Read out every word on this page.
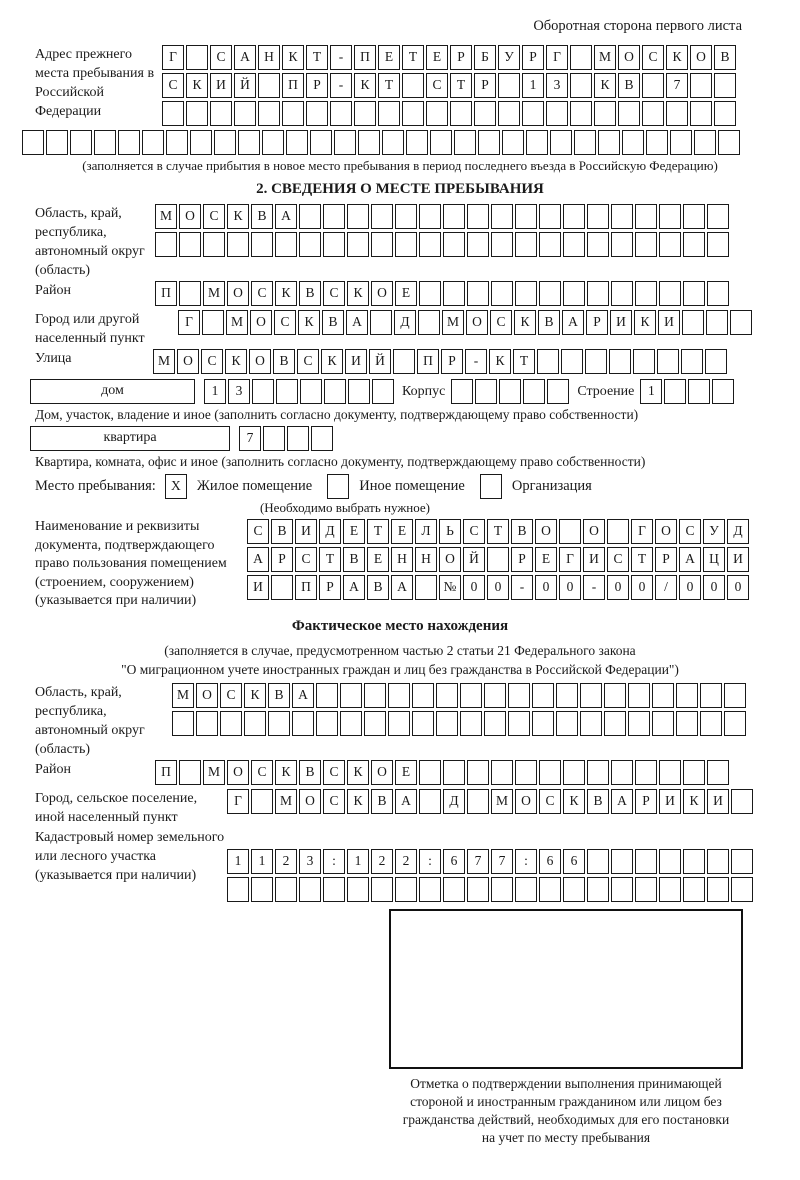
Оборотная сторона первого листа
Адрес прежнего места пребывания в Российской Федерации
Г	С А Н К Т - П Е Т Е Р Б У Р Г	М О С К О В
С К И Й	П Р - К Т	С Т Р	1 3	К В	7
(заполняется в случае прибытия в новое место пребывания в период последнего въезда в Российскую Федерацию)
2. СВЕДЕНИЯ О МЕСТЕ ПРЕБЫВАНИЯ
Область, край, республика, автономный округ (область)
М О С К В А
Район	П	М О С К В С К О Е
Город или другой населенный пункт
Г	М О С К В А	Д	М О С К В А Р И К И
Улица	М О С К О В С К И Й	П Р - К Т
дом	1 3	Корпус	Строение 1
Дом, участок, владение и иное (заполнить согласно документу, подтверждающему право собственности)
квартира	7
Квартира, комната, офис и иное (заполнить согласно документу, подтверждающему право собственности)
Место пребывания:	X	Жилое помещение	Иное помещение	Организация
(Необходимо выбрать нужное)
Наименование и реквизиты документа, подтверждающего право пользования помещением (строением, сооружением) (указывается при наличии)
С В И Д Е Т Е Л Ь С Т В О	О	Г О С У Д
А Р С Т В Е Н Н О Й	Р Е Г И С Т Р А Ц И
И	П Р А В А	№ 0 0 - 0 0 - 0 0 / 0 0 0
Фактическое место нахождения
(заполняется в случае, предусмотренном частью 2 статьи 21 Федерального закона
"О миграционном учете иностранных граждан и лиц без гражданства в Российской Федерации")
Область, край, республика, автономный округ (область)
М О С К В А
Район	П	М О С К В С К О Е
Город, сельское поселение, иной населенный пункт
Г	М О С К В А	Д	М О С К В А Р И К И
Кадастровый номер земельного или лесного участка (указывается при наличии)
1 1 2 3 : 1 2 2 : 6 7 7 : 6 6
Отметка о подтверждении выполнения принимающей
стороной и иностранным гражданином или лицом без
гражданства действий, необходимых для его постановки
на учет по месту пребывания
